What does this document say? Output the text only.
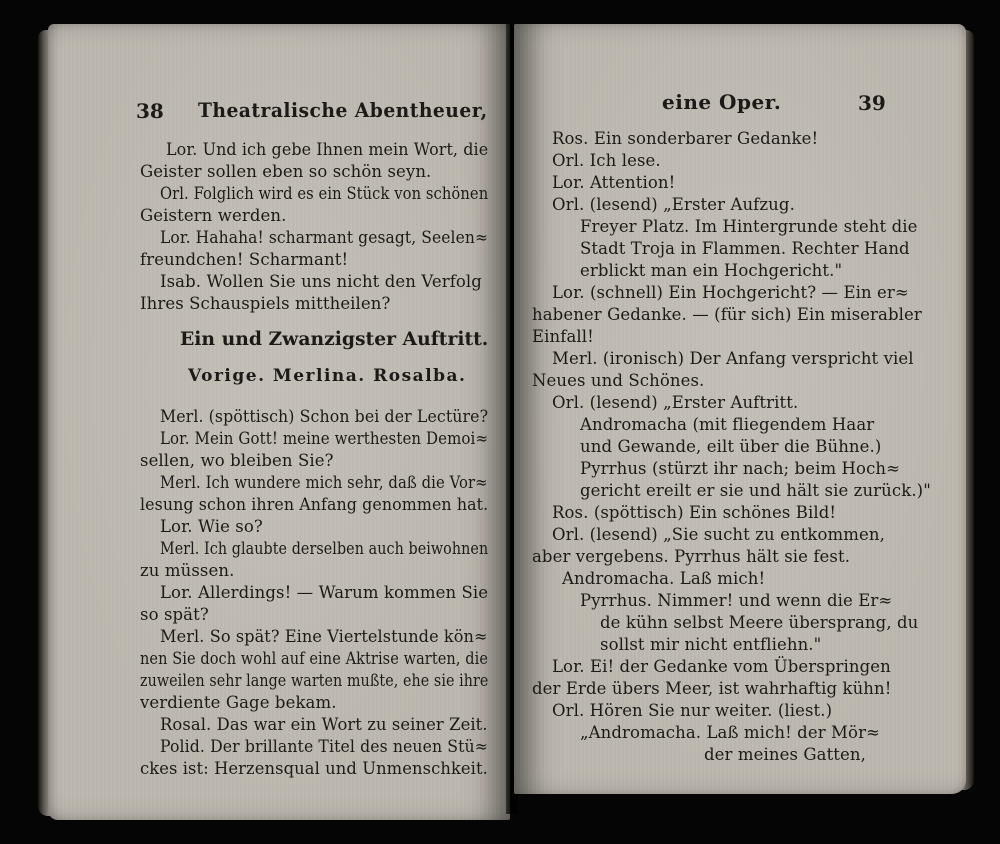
38 Theatralische Abentheuer,
Lor. Und ich gebe Ihnen mein Wort, die
Geister sollen eben so schön seyn.
Orl. Folglich wird es ein Stück von schönen
Geistern werden.
Lor. Hahaha! scharmant gesagt, Seelen≈
freundchen! Scharmant!
Isab. Wollen Sie uns nicht den Verfolg
Ihres Schauspiels mittheilen?
Ein und Zwanzigster Auftritt.
Vorige. Merlina. Rosalba.
Merl. (spöttisch) Schon bei der Lectüre?
Lor. Mein Gott! meine werthesten Demoi≈
sellen, wo bleiben Sie?
Merl. Ich wundere mich sehr, daß die Vor≈
lesung schon ihren Anfang genommen hat.
Lor. Wie so?
Merl. Ich glaubte derselben auch beiwohnen
zu müssen.
Lor. Allerdings! — Warum kommen Sie
so spät?
Merl. So spät? Eine Viertelstunde kön≈
nen Sie doch wohl auf eine Aktrise warten, die
zuweilen sehr lange warten mußte, ehe sie ihre
verdiente Gage bekam.
Rosal. Das war ein Wort zu seiner Zeit.
Polid. Der brillante Titel des neuen Stü≈
ckes ist: Herzensqual und Unmenschkeit.
eine Oper.	39
Ros. Ein sonderbarer Gedanke!
Orl. Ich lese.
Lor. Attention!
Orl. (lesend) „Erster Aufzug.
Freyer Platz. Im Hintergrunde steht die
Stadt Troja in Flammen. Rechter Hand
erblickt man ein Hochgericht."
Lor. (schnell) Ein Hochgericht? — Ein er≈
habener Gedanke. — (für sich) Ein miserabler
Einfall!
Merl. (ironisch) Der Anfang verspricht viel
Neues und Schönes.
Orl. (lesend) „Erster Auftritt.
Andromacha (mit fliegendem Haar
und Gewande, eilt über die Bühne.)
Pyrrhus (stürzt ihr nach; beim Hoch≈
gericht ereilt er sie und hält sie zurück.)"
Ros. (spöttisch) Ein schönes Bild!
Orl. (lesend) „Sie sucht zu entkommen,
aber vergebens. Pyrrhus hält sie fest.
Andromacha. Laß mich!
Pyrrhus. Nimmer! und wenn die Er≈
de kühn selbst Meere übersprang, du
sollst mir nicht entfliehn."
Lor. Ei! der Gedanke vom Überspringen
der Erde übers Meer, ist wahrhaftig kühn!
Orl. Hören Sie nur weiter. (liest.)
„Andromacha. Laß mich! der Mör≈
der meines Gatten,
